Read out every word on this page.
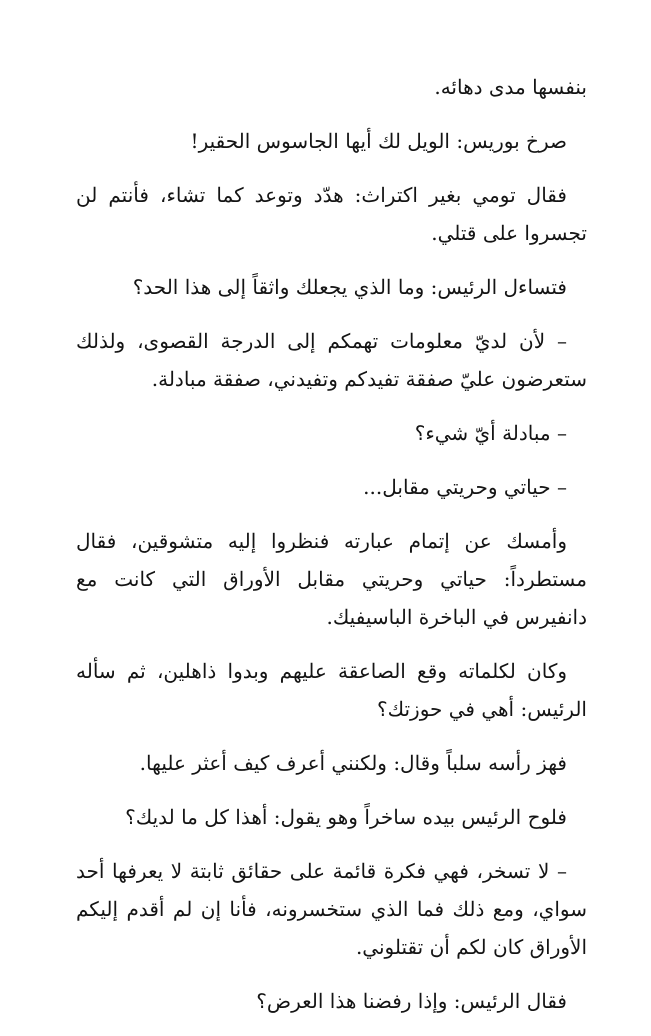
بنفسها مدى دهائه.

صرخ بوريس: الويل لك أيها الجاسوس الحقير!

فقال تومي بغير اكتراث: هدّد وتوعد كما تشاء، فأنتم لن تجسروا على قتلي.

فتساءل الرئيس: وما الذي يجعلك واثقاً إلى هذا الحد؟

– لأن لديّ معلومات تهمكم إلى الدرجة القصوى، ولذلك ستعرضون عليّ صفقة تفيدكم وتفيدني، صفقة مبادلة.

– مبادلة أيّ شيء؟

– حياتي وحريتي مقابل...

وأمسك عن إتمام عبارته فنظروا إليه متشوقين، فقال مستطرداً: حياتي وحريتي مقابل الأوراق التي كانت مع دانفيرس في الباخرة الباسيفيك.

وكان لكلماته وقع الصاعقة عليهم وبدوا ذاهلين، ثم سأله الرئيس: أهي في حوزتك؟

فهز رأسه سلباً وقال: ولكنني أعرف كيف أعثر عليها.

فلوح الرئيس بيده ساخراً وهو يقول: أهذا كل ما لديك؟

– لا تسخر، فهي فكرة قائمة على حقائق ثابتة لا يعرفها أحد سواي، ومع ذلك فما الذي ستخسرونه، فأنا إن لم أقدم إليكم الأوراق كان لكم أن تقتلوني.

فقال الرئيس: وإذا رفضنا هذا العرض؟
